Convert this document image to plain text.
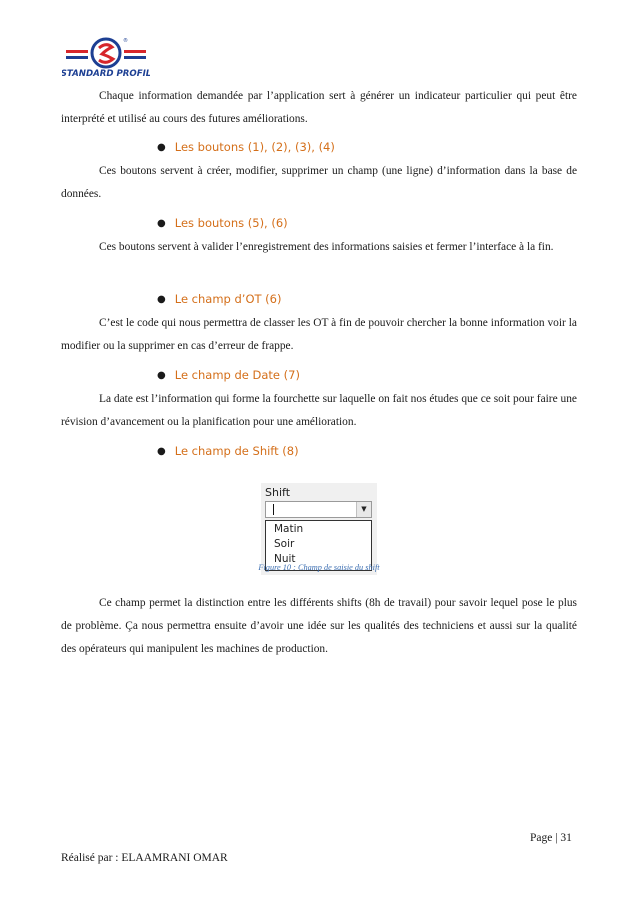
®
STANDARD PROFIL
Chaque information demandée par l’application sert à générer un indicateur particulier qui peut être interprété et utilisé au cours des futures améliorations.
● Les boutons (1), (2), (3), (4)
Ces boutons servent à créer, modifier, supprimer un champ (une ligne) d’information dans la base de données.
● Les boutons (5), (6)
Ces boutons servent à valider l’enregistrement des informations saisies et fermer l’interface à la fin.
● Le champ d’OT (6)
C’est le code qui nous permettra de classer les OT à fin de pouvoir chercher la bonne information voir la modifier ou la supprimer en cas d’erreur de frappe.
● Le champ de Date (7)
La date est l’information qui forme la fourchette sur laquelle on fait nos études que ce soit pour faire une révision d’avancement ou la planification pour une amélioration.
● Le champ de Shift (8)
Shift
▼
Matin
Soir
Nuit
Figure 10 : Champ de saisie du shift
Ce champ permet la distinction entre les différents shifts (8h de travail) pour savoir lequel pose le plus de problème. Ça nous permettra ensuite d’avoir une idée sur les qualités des techniciens et aussi sur la qualité des opérateurs qui manipulent les machines de production.
Page | 31
Réalisé par : ELAAMRANI OMAR
